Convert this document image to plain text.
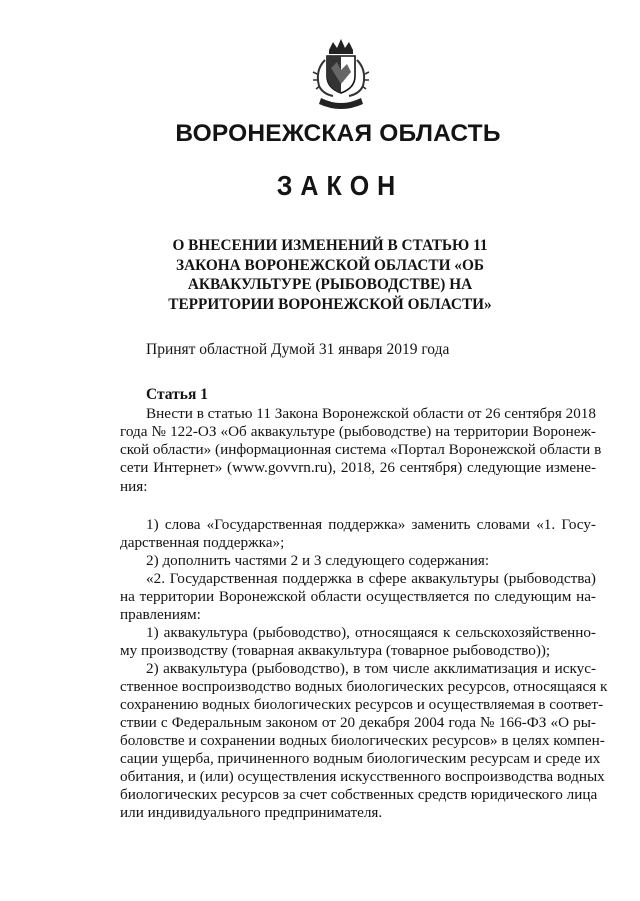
ВОРОНЕЖСКАЯ ОБЛАСТЬ
ЗАКОН
О ВНЕСЕНИИ ИЗМЕНЕНИЙ В СТАТЬЮ 11
ЗАКОНА ВОРОНЕЖСКОЙ ОБЛАСТИ «ОБ
АКВАКУЛЬТУРЕ (РЫБОВОДСТВЕ) НА
ТЕРРИТОРИИ ВОРОНЕЖСКОЙ ОБЛАСТИ»
Принят областной Думой 31 января 2019 года
Статья 1
Внести в статью 11 Закона Воронежской области от 26 сентября 2018
года № 122-ОЗ «Об аквакультуре (рыбоводстве) на территории Воронеж-
ской области» (информационная система «Портал Воронежской области в
сети Интернет» (www.govvrn.ru), 2018, 26 сентября) следующие измене-
ния:
1) слова «Государственная поддержка» заменить словами «1. Госу-
дарственная поддержка»;
2) дополнить частями 2 и 3 следующего содержания:
«2. Государственная поддержка в сфере аквакультуры (рыбоводства)
на территории Воронежской области осуществляется по следующим на-
правлениям:
1) аквакультура (рыбоводство), относящаяся к сельскохозяйственно-
му производству (товарная аквакультура (товарное рыбоводство));
2) аквакультура (рыбоводство), в том числе акклиматизация и искус-
ственное воспроизводство водных биологических ресурсов, относящаяся к
сохранению водных биологических ресурсов и осуществляемая в соответ-
ствии с Федеральным законом от 20 декабря 2004 года № 166-ФЗ «О ры-
боловстве и сохранении водных биологических ресурсов» в целях компен-
сации ущерба, причиненного водным биологическим ресурсам и среде их
обитания, и (или) осуществления искусственного воспроизводства водных
биологических ресурсов за счет собственных средств юридического лица
или индивидуального предпринимателя.
